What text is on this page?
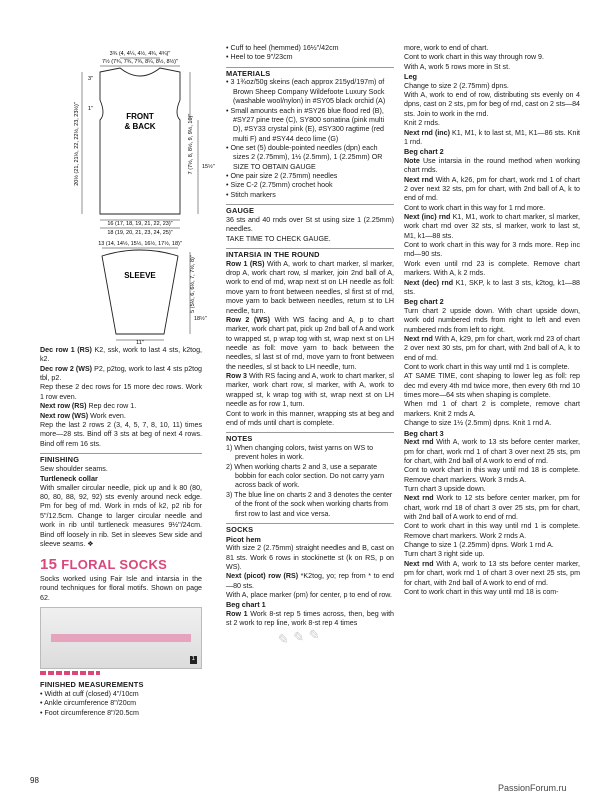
FRONT
& BACK
3¾ (4, 4¼, 4½, 4¾, 4¾)"
7½ (7¾, 7¾, 7¾, 8¼, 8½, 8½)"
3"
1"
7 (7½, 8, 8½, 9, 9½, 10)" 15½"
20½ (21, 21½, 22, 22½, 23, 23½)"
16 (17, 18, 19, 21, 22, 23)"
18 (19, 20, 21, 23, 24, 25)"
SLEEVE
13 (14, 14½, 15½, 16½, 17½, 18)"
5 (5½, 6, 6½, 7, 7½, 8)"
18½"
11"

Dec row 1 (RS) K2, ssk, work to last 4 sts, k2tog, k2.

Dec row 2 (WS) P2, p2tog, work to last 4 sts p2tog tbl, p2.

Rep these 2 dec rows for 15 more dec rows. Work 1 row even.

Next row (RS) Rep dec row 1.

Next row (WS) Work even.

Rep the last 2 rows 2 (3, 4, 5, 7, 8, 10, 11) times more—28 sts. Bind off 3 sts at beg of next 4 rows. Bind off rem 16 sts.

FINISHING

Sew shoulder seams.

Turtleneck collar

With smaller circular needle, pick up and k 80 (80, 80, 80, 88, 92, 92) sts evenly around neck edge. Pm for beg of rnd. Work in rnds of k2, p2 rib for 5"/12.5cm. Change to larger circular needle and work in rib until turtleneck measures 9½"/24cm. Bind off loosely in rib. Set in sleeves Sew side and sleeve seams. ❖

15 FLORAL SOCKS

Socks worked using Fair Isle and intarsia in the round techniques for floral motifs. Shown on page 62.

1
FINISHED MEASUREMENTS
• Width at cuff (closed) 4"/10cm
• Ankle circumference 8"/20cm
• Foot circumference 8"/20.5cm
• Cuff to heel (hemmed) 16½"/42cm
• Heel to toe 9"/23cm
MATERIALS
• 3 1¾oz/50g skeins (each approx 215yd/197m) of Brown Sheep Company Wildefoote Luxury Sock (washable wool/nylon) in #SY05 black orchid (A)
• Small amounts each in #SY26 blue flood red (B), #SY27 pine tree (C), SY800 sonatina (pink multi D), #SY33 crystal pink (E), #SY300 ragtime (red multi F) and #SY44 deco lime (G)
• One set (5) double-pointed needles (dpn) each sizes 2 (2.75mm), 1½ (2.5mm), 1 (2.25mm) OR SIZE TO OBTAIN GAUGE
• One pair size 2 (2.75mm) needles
• Size C-2 (2.75mm) crochet hook
• Stitch markers
GAUGE

36 sts and 40 rnds over St st using size 1 (2.25mm) needles.

TAKE TIME TO CHECK GAUGE.

INTARSIA IN THE ROUND

Row 1 (RS) With A, work to chart marker, sl marker, drop A, work chart row, sl marker, join 2nd ball of A, work to end of rnd, wrap next st on LH needle as foll: move yarn to front between needles, sl first st of rnd, move yarn to back between needles, return st to LH needle, turn.

Row 2 (WS) With WS facing and A, p to chart marker, work chart pat, pick up 2nd ball of A and work to wrapped st, p wrap tog with st, wrap next st on LH needle as foll: move yarn to back between the needles, sl last st of rnd, move yarn to front between the needles, sl st back to LH needle, turn.

Row 3 With RS facing and A, work to chart marker, sl marker, work chart row, sl marker, with A, work to wrapped st, k wrap tog with st, wrap next st on LH needle as for row 1, turn.

Cont to work in this manner, wrapping sts at beg and end of rnds until chart is complete.

NOTES
1) When changing colors, twist yarns on WS to prevent holes in work.
2) When working charts 2 and 3, use a separate bobbin for each color section. Do not carry yarn across back of work.
3) The blue line on charts 2 and 3 denotes the center of the front of the sock when working charts from first row to last and vice versa.
SOCKS
Picot hem

With size 2 (2.75mm) straight needles and B, cast on 81 sts. Work 6 rows in stockinette st (k on RS, p on WS).

Next (picot) row (RS) *K2tog, yo; rep from * to end—80 sts.

With A, place marker (pm) for center, p to end of row.

Beg chart 1

Row 1 Work 8-st rep 5 times across, then, beg with st 2 work to rep line, work 8-st rep 4 times

more, work to end of chart.

Cont to work chart in this way through row 9.

With A, work 5 rows more in St st.

Leg

Change to size 2 (2.75mm) dpns.

With A, work to end of row, distributing sts evenly on 4 dpns, cast on 2 sts, pm for beg of rnd, cast on 2 sts—84 sts. Join to work in the rnd.

Knit 2 rnds.

Next rnd (inc) K1, M1, k to last st, M1, K1—86 sts. Knit 1 rnd.

Beg chart 2

Note Use intarsia in the round method when working chart rnds.

Next rnd With A, k26, pm for chart, work rnd 1 of chart 2 over next 32 sts, pm for chart, with 2nd ball of A, k to end of rnd.

Cont to work chart in this way for 1 rnd more.

Next (inc) rnd K1, M1, work to chart marker, sl marker, work chart rnd over 32 sts, sl marker, work to last st, M1, k1—88 sts.

Cont to work chart in this way for 3 rnds more. Rep inc rnd—90 sts.

Work even until rnd 23 is complete. Remove chart markers. With A, k 2 rnds.

Next (dec) rnd K1, SKP, k to last 3 sts, k2tog, k1—88 sts.

Beg chart 2

Turn chart 2 upside down. With chart upside down, work odd numbered rnds from right to left and even numbered rnds from left to right.

Next rnd With A, k29, pm for chart, work rnd 23 of chart 2 over next 30 sts, pm for chart, with 2nd ball of A, k to end of rnd.

Cont to work chart in this way until rnd 1 is complete.

AT SAME TIME, cont shaping to lower leg as foll: rep dec rnd every 4th rnd twice more, then every 6th rnd 10 times more—64 sts when shaping is complete.

When rnd 1 of chart 2 is complete, remove chart markers. Knit 2 rnds A.

Change to size 1½ (2.5mm) dpns. Knit 1 rnd A.

Beg chart 3

Next rnd With A, work to 13 sts before center marker, pm for chart, work rnd 1 of chart 3 over next 25 sts, pm for chart, with 2nd ball of A work to end of rnd.

Cont to work chart in this way until rnd 18 is complete. Remove chart markers. Work 3 rnds A.

Turn chart 3 upside down.

Next rnd Work to 12 sts before center marker, pm for chart, work rnd 18 of chart 3 over 25 sts, pm for chart, with 2nd ball of A work to end of rnd.

Cont to work chart in this way until rnd 1 is complete. Remove chart markers. Work 2 rnds A.

Change to size 1 (2.25mm) dpns. Work 1 rnd A.

Turn chart 3 right side up.

Next rnd With A, work to 13 sts before center marker, pm for chart, work rnd 1 of chart 3 over next 25 sts, pm for chart, with 2nd ball of A work to end of rnd.

Cont to work chart in this way until rnd 18 is com-

✎ ✎ ✎
98
PassionForum.ru
